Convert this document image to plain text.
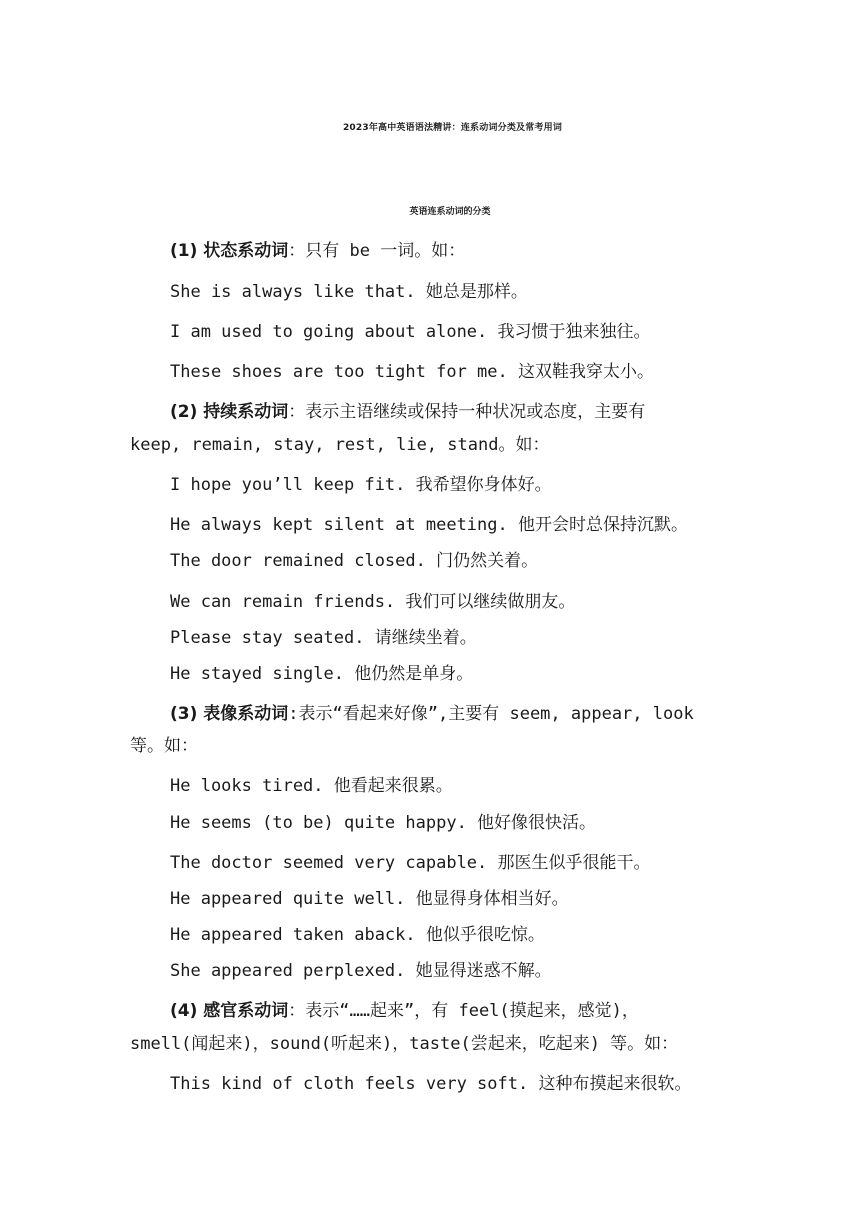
2023年高中英语语法精讲：连系动词分类及常考用词
英语连系动词的分类
(1) 状态系动词：只有 be 一词。如：
She is always like that. 她总是那样。
I am used to going about alone. 我习惯于独来独往。
These shoes are too tight for me. 这双鞋我穿太小。
(2) 持续系动词：表示主语继续或保持一种状况或态度，主要有
keep, remain, stay, rest, lie, stand。如：
I hope you’ll keep fit. 我希望你身体好。
He always kept silent at meeting. 他开会时总保持沉默。
The door remained closed. 门仍然关着。
We can remain friends. 我们可以继续做朋友。
Please stay seated. 请继续坐着。
He stayed single. 他仍然是单身。
(3) 表像系动词:表示“看起来好像”,主要有 seem, appear, look
等。如：
He looks tired. 他看起来很累。
He seems (to be) quite happy. 他好像很快活。
The doctor seemed very capable. 那医生似乎很能干。
He appeared quite well. 他显得身体相当好。
He appeared taken aback. 他似乎很吃惊。
She appeared perplexed. 她显得迷惑不解。
(4) 感官系动词：表示“……起来”，有 feel(摸起来，感觉)，
smell(闻起来)，sound(听起来)，taste(尝起来，吃起来) 等。如：
This kind of cloth feels very soft. 这种布摸起来很软。
